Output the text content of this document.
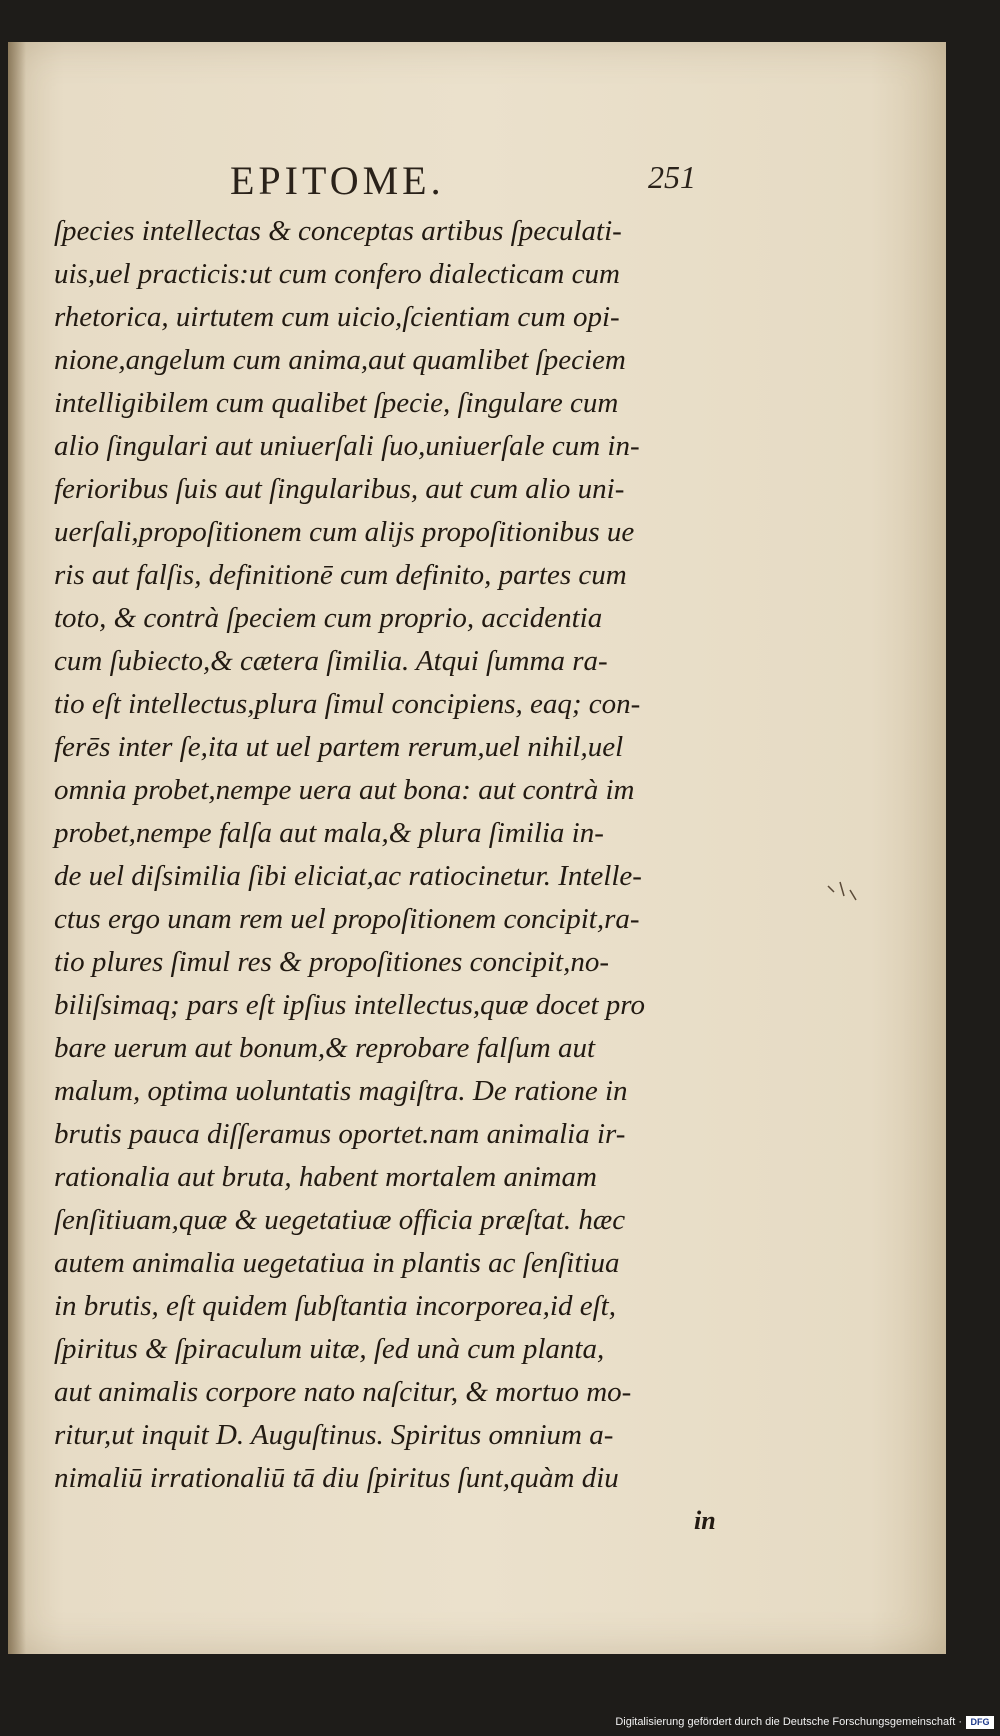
EPITOME.	251
ſpecies intellectas & conceptas artibus ſpeculati-
uis,uel practicis:ut cum confero dialecticam cum
rhetorica, uirtutem cum uicio,ſcientiam cum opi-
nione,angelum cum anima,aut quamlibet ſpeciem
intelligibilem cum qualibet ſpecie, ſingulare cum
alio ſingulari aut uniuerſali ſuo,uniuerſale cum in-
ferioribus ſuis aut ſingularibus, aut cum alio uni-
uerſali,propoſitionem cum alijs propoſitionibus ue
ris aut falſis, definitionē cum definito, partes cum
toto, & contrà ſpeciem cum proprio, accidentia
cum ſubiecto,& cætera ſimilia. Atqui ſumma ra-
tio eſt intellectus,plura ſimul concipiens, eaq; con-
ferēs inter ſe,ita ut uel partem rerum,uel nihil,uel
omnia probet,nempe uera aut bona: aut contrà im
probet,nempe falſa aut mala,& plura ſimilia in-
de uel diſsimilia ſibi eliciat,ac ratiocinetur. Intelle-
ctus ergo unam rem uel propoſitionem concipit,ra-
tio plures ſimul res & propoſitiones concipit,no-
biliſsimaq; pars eſt ipſius intellectus,quæ docet pro
bare uerum aut bonum,& reprobare falſum aut
malum, optima uoluntatis magiſtra. De ratione in
brutis pauca diſſeramus oportet.nam animalia ir-
rationalia aut bruta, habent mortalem animam
ſenſitiuam,quæ & uegetatiuæ officia præſtat. hæc
autem animalia uegetatiua in plantis ac ſenſitiua
in brutis, eſt quidem ſubſtantia incorporea,id eſt,
ſpiritus & ſpiraculum uitæ, ſed unà cum planta,
aut animalis corpore nato naſcitur, & mortuo mo-
ritur,ut inquit D. Auguſtinus. Spiritus omnium a-
nimaliū irrationaliū tā diu ſpiritus ſunt,quàm diu
in
Digitalisierung gefördert durch die Deutsche Forschungsgemeinschaft · DFG
